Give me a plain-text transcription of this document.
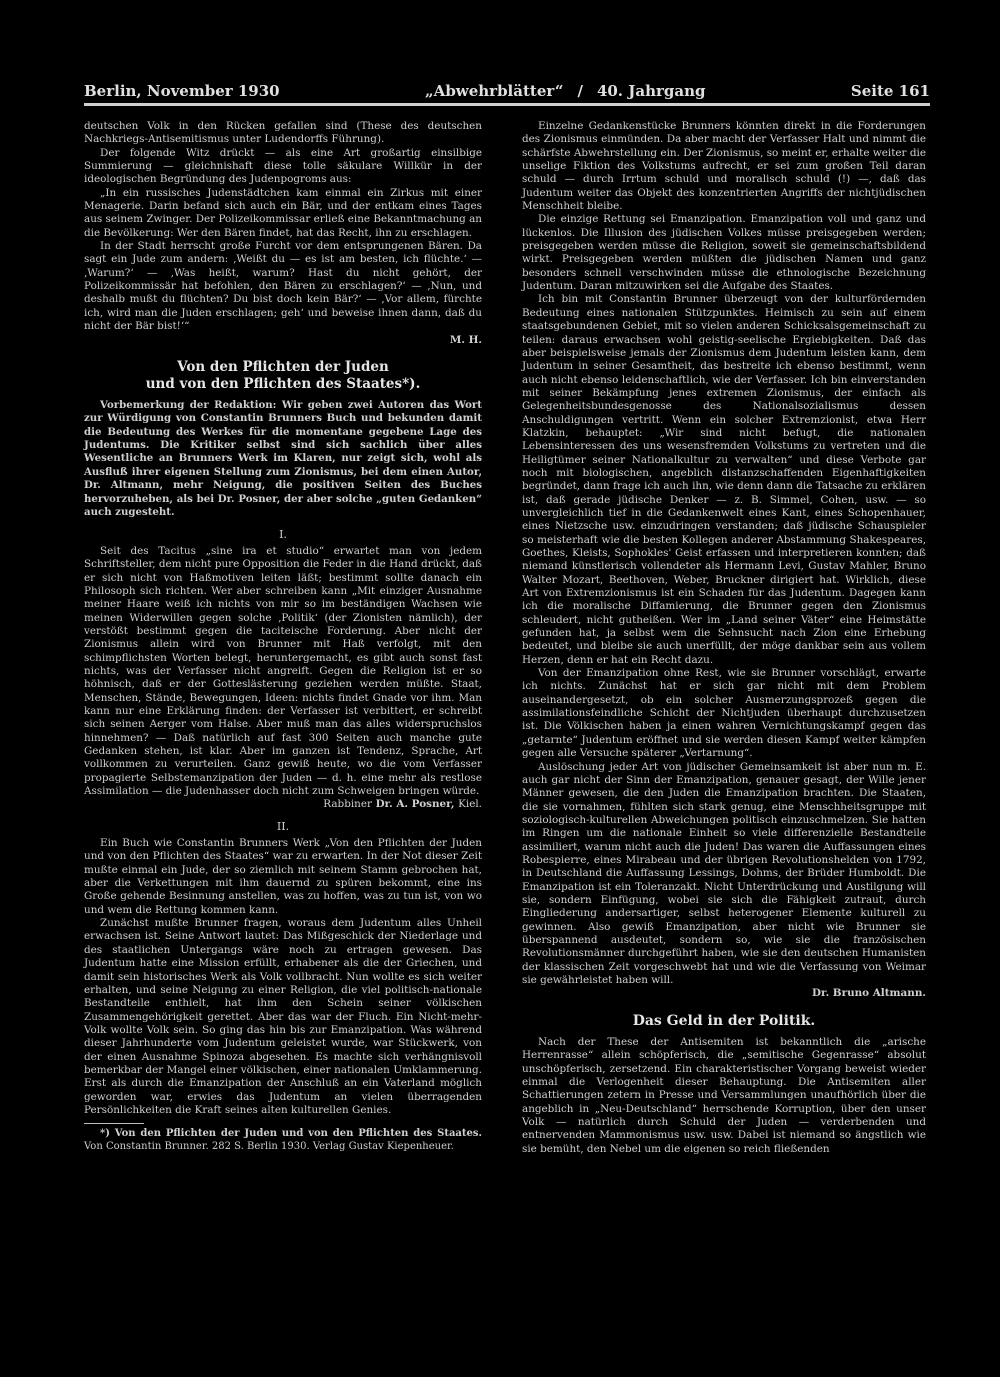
Berlin, November 1930	„Abwehrblätter“ / 40. Jahrgang	Seite 161

deutschen Volk in den Rücken gefallen sind (These des deutschen Nachkriegs-Antisemitismus unter Ludendorffs Führung).

Der folgende Witz drückt — als eine Art großartig einsilbige Summierung — gleichnishaft diese tolle säkulare Willkür in der ideologischen Begründung des Judenpogroms aus:

„In ein russisches Judenstädtchen kam einmal ein Zirkus mit einer Menagerie. Darin befand sich auch ein Bär, und der entkam eines Tages aus seinem Zwinger. Der Polizeikommissar erließ eine Bekanntmachung an die Bevölkerung: Wer den Bären findet, hat das Recht, ihn zu erschlagen.

In der Stadt herrscht große Furcht vor dem entsprungenen Bären. Da sagt ein Jude zum andern: ‚Weißt du — es ist am besten, ich flüchte.‘ — ‚Warum?‘ — ‚Was heißt, warum? Hast du nicht gehört, der Polizeikommissär hat befohlen, den Bären zu erschlagen?‘ — ‚Nun, und deshalb mußt du flüchten? Du bist doch kein Bär?‘ — ‚Vor allem, fürchte ich, wird man die Juden erschlagen; geh‘ und beweise ihnen dann, daß du nicht der Bär bist!‘“

M. H.

Von den Pflichten der Juden
und von den Pflichten des Staates*).

Vorbemerkung der Redaktion: Wir geben zwei Autoren das Wort zur Würdigung von Constantin Brunners Buch und bekunden damit die Bedeutung des Werkes für die momentane gegebene Lage des Judentums. Die Kritiker selbst sind sich sachlich über alles Wesentliche an Brunners Werk im Klaren, nur zeigt sich, wohl als Ausfluß ihrer eigenen Stellung zum Zionismus, bei dem einen Autor, Dr. Altmann, mehr Neigung, die positiven Seiten des Buches hervorzuheben, als bei Dr. Posner, der aber solche „guten Gedanken“ auch zugesteht.

I.

Seit des Tacitus „sine ira et studio“ erwartet man von jedem Schriftsteller, dem nicht pure Opposition die Feder in die Hand drückt, daß er sich nicht von Haßmotiven leiten läßt; bestimmt sollte danach ein Philosoph sich richten. Wer aber schreiben kann „Mit einziger Ausnahme meiner Haare weiß ich nichts von mir so im beständigen Wachsen wie meinen Widerwillen gegen solche ‚Politik‘ (der Zionisten nämlich), der verstößt bestimmt gegen die taciteische Forderung. Aber nicht der Zionismus allein wird von Brunner mit Haß verfolgt, mit den schimpflichsten Worten belegt, heruntergemacht, es gibt auch sonst fast nichts, was der Verfasser nicht angreift. Gegen die Religion ist er so höhnisch, daß er der Gotteslästerung geziehen werden müßte. Staat, Menschen, Stände, Bewegungen, Ideen: nichts findet Gnade vor ihm. Man kann nur eine Erklärung finden: der Verfasser ist verbittert, er schreibt sich seinen Aerger vom Halse. Aber muß man das alles widerspruchslos hinnehmen? — Daß natürlich auf fast 300 Seiten auch manche gute Gedanken stehen, ist klar. Aber im ganzen ist Tendenz, Sprache, Art vollkommen zu verurteilen. Ganz gewiß heute, wo die vom Verfasser propagierte Selbstemanzipation der Juden — d. h. eine mehr als restlose Assimilation — die Judenhasser doch nicht zum Schweigen bringen würde.

Rabbiner Dr. A. Posner, Kiel.

II.

Ein Buch wie Constantin Brunners Werk „Von den Pflichten der Juden und von den Pflichten des Staates“ war zu erwarten. In der Not dieser Zeit mußte einmal ein Jude, der so ziemlich mit seinem Stamm gebrochen hat, aber die Verkettungen mit ihm dauernd zu spüren bekommt, eine ins Große gehende Besinnung anstellen, was zu hoffen, was zu tun ist, von wo und wem die Rettung kommen kann.

Zunächst mußte Brunner fragen, woraus dem Judentum alles Unheil erwachsen ist. Seine Antwort lautet: Das Mißgeschick der Niederlage und des staatlichen Untergangs wäre noch zu ertragen gewesen. Das Judentum hatte eine Mission erfüllt, erhabener als die der Griechen, und damit sein historisches Werk als Volk vollbracht. Nun wollte es sich weiter erhalten, und seine Neigung zu einer Religion, die viel politisch-nationale Bestandteile enthielt, hat ihm den Schein seiner völkischen Zusammengehörigkeit gerettet. Aber das war der Fluch. Ein Nicht-mehr-Volk wollte Volk sein. So ging das hin bis zur Emanzipation. Was während dieser Jahrhunderte vom Judentum geleistet wurde, war Stückwerk, von der einen Ausnahme Spinoza abgesehen. Es machte sich verhängnisvoll bemerkbar der Mangel einer völkischen, einer nationalen Umklammerung. Erst als durch die Emanzipation der Anschluß an ein Vaterland möglich geworden war, erwies das Judentum an vielen überragenden Persönlichkeiten die Kraft seines alten kulturellen Genies.

*) Von den Pflichten der Juden und von den Pflichten des Staates. Von Constantin Brunner. 282 S. Berlin 1930. Verlag Gustav Kiepenheuer.

Einzelne Gedankenstücke Brunners könnten direkt in die Forderungen des Zionismus einmünden. Da aber macht der Verfasser Halt und nimmt die schärfste Abwehrstellung ein. Der Zionismus, so meint er, erhalte weiter die unselige Fiktion des Volkstums aufrecht, er sei zum großen Teil daran schuld — durch Irrtum schuld und moralisch schuld (!) —, daß das Judentum weiter das Objekt des konzentrierten Angriffs der nichtjüdischen Menschheit bleibe.

Die einzige Rettung sei Emanzipation. Emanzipation voll und ganz und lückenlos. Die Illusion des jüdischen Volkes müsse preisgegeben werden; preisgegeben werden müsse die Religion, soweit sie gemeinschaftsbildend wirkt. Preisgegeben werden müßten die jüdischen Namen und ganz besonders schnell verschwinden müsse die ethnologische Bezeichnung Judentum. Daran mitzuwirken sei die Aufgabe des Staates.

Ich bin mit Constantin Brunner überzeugt von der kulturfördernden Bedeutung eines nationalen Stützpunktes. Heimisch zu sein auf einem staatsgebundenen Gebiet, mit so vielen anderen Schicksalsgemeinschaft zu teilen: daraus erwachsen wohl geistig-seelische Ergiebigkeiten. Daß das aber beispielsweise jemals der Zionismus dem Judentum leisten kann, dem Judentum in seiner Gesamtheit, das bestreite ich ebenso bestimmt, wenn auch nicht ebenso leidenschaftlich, wie der Verfasser. Ich bin einverstanden mit seiner Bekämpfung jenes extremen Zionismus, der einfach als Gelegenheitsbundesgenosse des Nationalsozialismus dessen Anschuldigungen vertritt. Wenn ein solcher Extremzionist, etwa Herr Klatzkin, behauptet: „Wir sind nicht befugt, die nationalen Lebensinteressen des uns wesensfremden Volkstums zu vertreten und die Heiligtümer seiner Nationalkultur zu verwalten“ und diese Verbote gar noch mit biologischen, angeblich distanzschaffenden Eigenhaftigkeiten begründet, dann frage ich auch ihn, wie denn dann die Tatsache zu erklären ist, daß gerade jüdische Denker — z. B. Simmel, Cohen, usw. — so unvergleichlich tief in die Gedankenwelt eines Kant, eines Schopenhauer, eines Nietzsche usw. einzudringen verstanden; daß jüdische Schauspieler so meisterhaft wie die besten Kollegen anderer Abstammung Shakespeares, Goethes, Kleists, Sophokles' Geist erfassen und interpretieren konnten; daß niemand künstlerisch vollendeter als Hermann Levi, Gustav Mahler, Bruno Walter Mozart, Beethoven, Weber, Bruckner dirigiert hat. Wirklich, diese Art von Extremzionismus ist ein Schaden für das Judentum. Dagegen kann ich die moralische Diffamierung, die Brunner gegen den Zionismus schleudert, nicht gutheißen. Wer im „Land seiner Väter“ eine Heimstätte gefunden hat, ja selbst wem die Sehnsucht nach Zion eine Erhebung bedeutet, und bleibe sie auch unerfüllt, der möge dankbar sein aus vollem Herzen, denn er hat ein Recht dazu.

Von der Emanzipation ohne Rest, wie sie Brunner vorschlägt, erwarte ich nichts. Zunächst hat er sich gar nicht mit dem Problem auseinandergesetzt, ob ein solcher Ausmerzungsprozeß gegen die assimilationsfeindliche Schicht der Nichtjuden überhaupt durchzusetzen ist. Die Völkischen haben ja einen wahren Vernichtungskampf gegen das „getarnte“ Judentum eröffnet und sie werden diesen Kampf weiter kämpfen gegen alle Versuche späterer „Vertarnung“.

Auslöschung jeder Art von jüdischer Gemeinsamkeit ist aber nun m. E. auch gar nicht der Sinn der Emanzipation, genauer gesagt, der Wille jener Männer gewesen, die den Juden die Emanzipation brachten. Die Staaten, die sie vornahmen, fühlten sich stark genug, eine Menschheitsgruppe mit soziologisch-kulturellen Abweichungen politisch einzuschmelzen. Sie hatten im Ringen um die nationale Einheit so viele differenzielle Bestandteile assimiliert, warum nicht auch die Juden! Das waren die Auffassungen eines Robespierre, eines Mirabeau und der übrigen Revolutionshelden von 1792, in Deutschland die Auffassung Lessings, Dohms, der Brüder Humboldt. Die Emanzipation ist ein Toleranzakt. Nicht Unterdrückung und Austilgung will sie, sondern Einfügung, wobei sie sich die Fähigkeit zutraut, durch Eingliederung andersartiger, selbst heterogener Elemente kulturell zu gewinnen. Also gewiß Emanzipation, aber nicht wie Brunner sie überspannend ausdeutet, sondern so, wie sie die französischen Revolutionsmänner durchgeführt haben, wie sie den deutschen Humanisten der klassischen Zeit vorgeschwebt hat und wie die Verfassung von Weimar sie gewährleistet haben will.

Dr. Bruno Altmann.

Das Geld in der Politik.

Nach der These der Antisemiten ist bekanntlich die „arische Herrenrasse“ allein schöpferisch, die „semitische Gegenrasse“ absolut unschöpferisch, zersetzend. Ein charakteristischer Vorgang beweist wieder einmal die Verlogenheit dieser Behauptung. Die Antisemiten aller Schattierungen zetern in Presse und Versammlungen unaufhörlich über die angeblich in „Neu-Deutschland“ herrschende Korruption, über den unser Volk — natürlich durch Schuld der Juden — verderbenden und entnervenden Mammonismus usw. usw. Dabei ist niemand so ängstlich wie sie bemüht, den Nebel um die eigenen so reich fließenden
